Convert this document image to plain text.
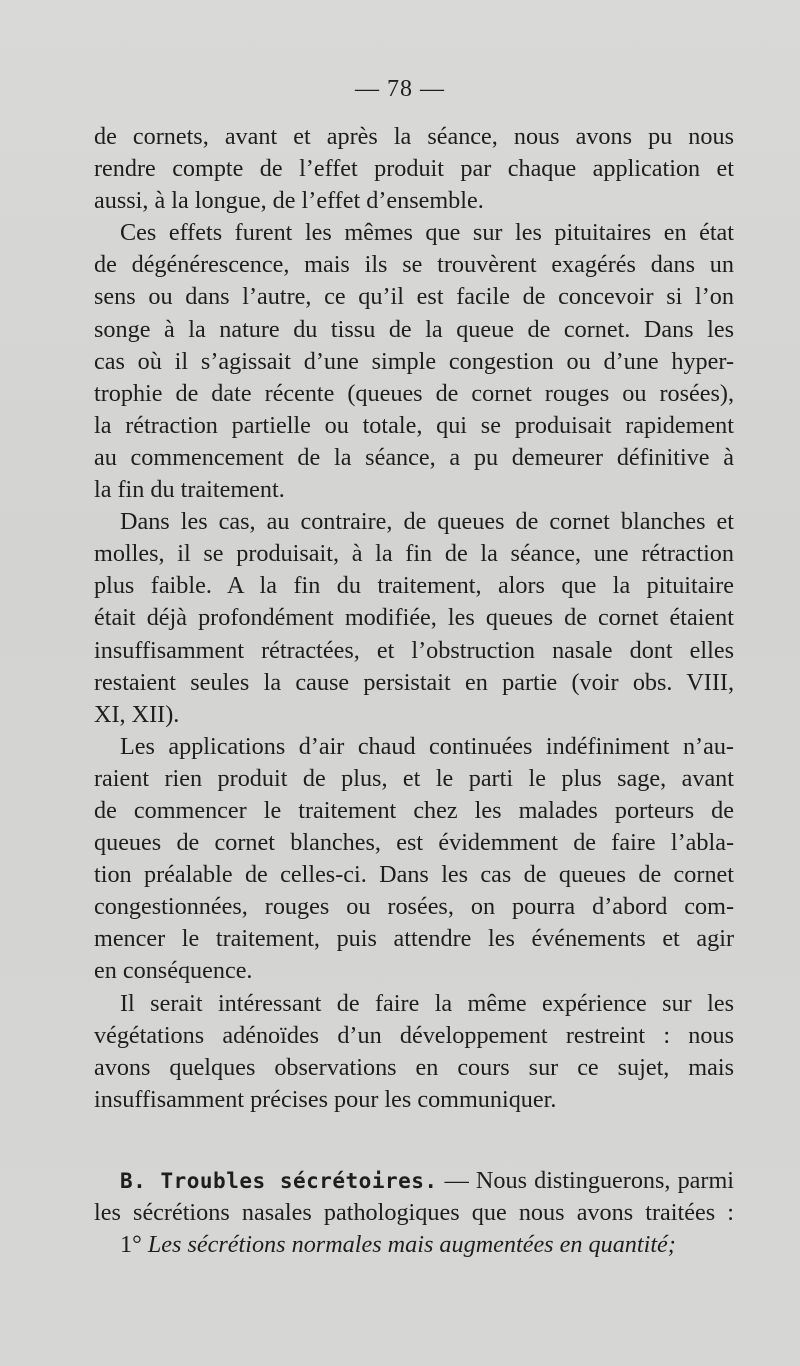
— 78 —
de cornets, avant et après la séance, nous avons pu nous
rendre compte de l’effet produit par chaque application et
aussi, à la longue, de l’effet d’ensemble.
Ces effets furent les mêmes que sur les pituitaires en état
de dégénérescence, mais ils se trouvèrent exagérés dans un
sens ou dans l’autre, ce qu’il est facile de concevoir si l’on
songe à la nature du tissu de la queue de cornet. Dans les
cas où il s’agissait d’une simple congestion ou d’une hyper-
trophie de date récente (queues de cornet rouges ou rosées),
la rétraction partielle ou totale, qui se produisait rapidement
au commencement de la séance, a pu demeurer définitive à
la fin du traitement.
Dans les cas, au contraire, de queues de cornet blanches et
molles, il se produisait, à la fin de la séance, une rétraction
plus faible. A la fin du traitement, alors que la pituitaire
était déjà profondément modifiée, les queues de cornet étaient
insuffisamment rétractées, et l’obstruction nasale dont elles
restaient seules la cause persistait en partie (voir obs. VIII,
XI, XII).
Les applications d’air chaud continuées indéfiniment n’au-
raient rien produit de plus, et le parti le plus sage, avant
de commencer le traitement chez les malades porteurs de
queues de cornet blanches, est évidemment de faire l’abla-
tion préalable de celles-ci. Dans les cas de queues de cornet
congestionnées, rouges ou rosées, on pourra d’abord com-
mencer le traitement, puis attendre les événements et agir
en conséquence.
Il serait intéressant de faire la même expérience sur les
végétations adénoïdes d’un développement restreint : nous
avons quelques observations en cours sur ce sujet, mais
insuffisamment précises pour les communiquer.
B. Troubles sécrétoires. — Nous distinguerons, parmi
les sécrétions nasales pathologiques que nous avons traitées :
1° Les sécrétions normales mais augmentées en quantité;
